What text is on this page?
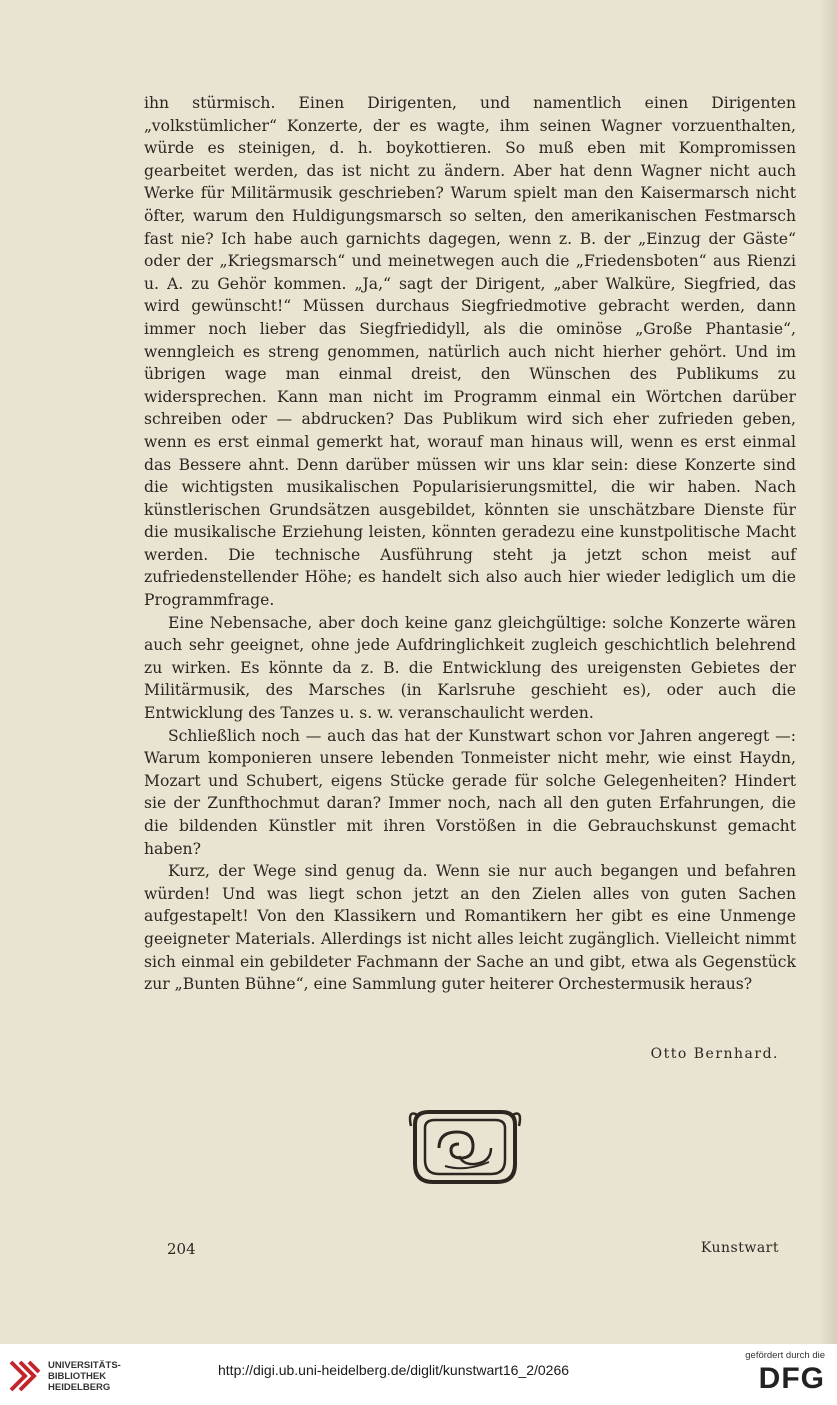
ihn stürmisch. Einen Dirigenten, und namentlich einen Dirigenten „volkstümlicher“ Konzerte, der es wagte, ihm seinen Wagner vorzuenthalten, würde es steinigen, d. h. boykottieren. So muß eben mit Kompromissen gearbeitet werden, das ist nicht zu ändern. Aber hat denn Wagner nicht auch Werke für Militärmusik geschrieben? Warum spielt man den Kaisermarsch nicht öfter, warum den Huldigungsmarsch so selten, den amerikanischen Festmarsch fast nie? Ich habe auch garnichts dagegen, wenn z. B. der „Einzug der Gäste“ oder der „Kriegsmarsch“ und meinetwegen auch die „Friedensboten“ aus Rienzi u. A. zu Gehör kommen. „Ja,“ sagt der Dirigent, „aber Walküre, Siegfried, das wird gewünscht!“ Müssen durchaus Siegfriedmotive gebracht werden, dann immer noch lieber das Siegfriedidyll, als die ominöse „Große Phantasie“, wenngleich es streng genommen, natürlich auch nicht hierher gehört. Und im übrigen wage man einmal dreist, den Wünschen des Publikums zu widersprechen. Kann man nicht im Programm einmal ein Wörtchen darüber schreiben oder — abdrucken? Das Publikum wird sich eher zufrieden geben, wenn es erst einmal gemerkt hat, worauf man hinaus will, wenn es erst einmal das Bessere ahnt. Denn darüber müssen wir uns klar sein: diese Konzerte sind die wichtigsten musikalischen Popularisierungsmittel, die wir haben. Nach künstlerischen Grundsätzen ausgebildet, könnten sie unschätzbare Dienste für die musikalische Erziehung leisten, könnten geradezu eine kunstpolitische Macht werden. Die technische Ausführung steht ja jetzt schon meist auf zufriedenstellender Höhe; es handelt sich also auch hier wieder lediglich um die Programmfrage.

Eine Nebensache, aber doch keine ganz gleichgültige: solche Konzerte wären auch sehr geeignet, ohne jede Aufdringlichkeit zugleich geschichtlich belehrend zu wirken. Es könnte da z. B. die Entwicklung des ureigensten Gebietes der Militärmusik, des Marsches (in Karlsruhe geschieht es), oder auch die Entwicklung des Tanzes u. s. w. veranschaulicht werden.

Schließlich noch — auch das hat der Kunstwart schon vor Jahren angeregt —: Warum komponieren unsere lebenden Tonmeister nicht mehr, wie einst Haydn, Mozart und Schubert, eigens Stücke gerade für solche Gelegenheiten? Hindert sie der Zunfthochmut daran? Immer noch, nach all den guten Erfahrungen, die die bildenden Künstler mit ihren Vorstößen in die Gebrauchskunst gemacht haben?

Kurz, der Wege sind genug da. Wenn sie nur auch begangen und befahren würden! Und was liegt schon jetzt an den Zielen alles von guten Sachen aufgestapelt! Von den Klassikern und Romantikern her gibt es eine Unmenge geeigneter Materials. Allerdings ist nicht alles leicht zugänglich. Vielleicht nimmt sich einmal ein gebildeter Fachmann der Sache an und gibt, etwa als Gegenstück zur „Bunten Bühne“, eine Sammlung guter heiterer Orchestermusik heraus?

Otto Bernhard.
204	Kunstwart
UNIVERSITÄTS-
BIBLIOTHEK
HEIDELBERG
http://digi.ub.uni-heidelberg.de/diglit/kunstwart16_2/0266
gefördert durch die
DFG
